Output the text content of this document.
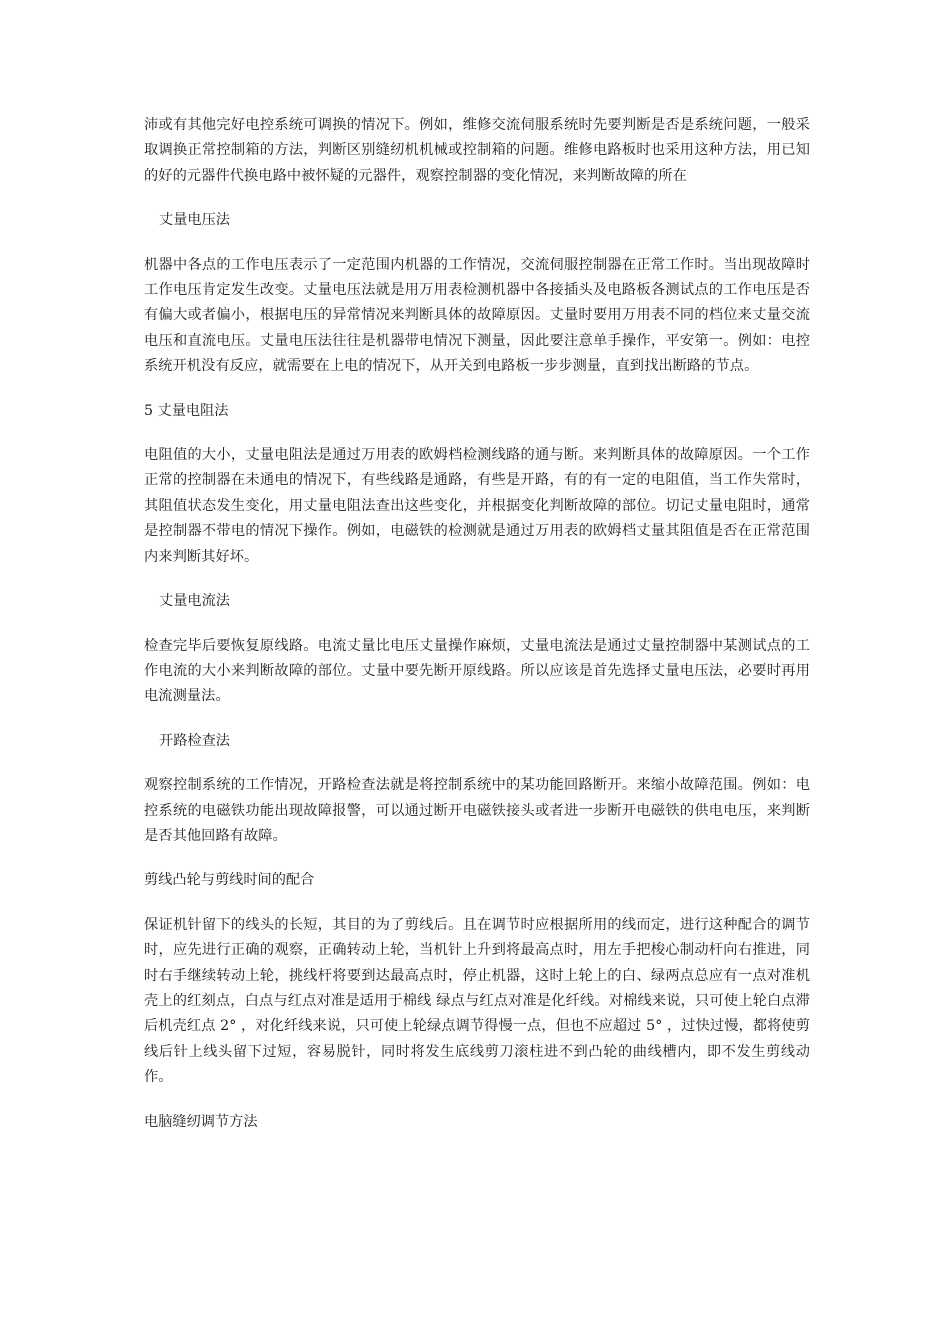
沛或有其他完好电控系统可调换的情况下。例如，维修交流伺服系统时先要判断是否是系统问题，一般采取调换正常控制箱的方法，判断区别缝纫机机械或控制箱的问题。维修电路板时也采用这种方法，用已知的好的元器件代换电路中被怀疑的元器件，观察控制器的变化情况，来判断故障的所在

丈量电压法

机器中各点的工作电压表示了一定范围内机器的工作情况，交流伺服控制器在正常工作时。当出现故障时工作电压肯定发生改变。丈量电压法就是用万用表检测机器中各接插头及电路板各测试点的工作电压是否有偏大或者偏小，根据电压的异常情况来判断具体的故障原因。丈量时要用万用表不同的档位来丈量交流电压和直流电压。丈量电压法往往是机器带电情况下测量，因此要注意单手操作，平安第一。例如：电控系统开机没有反应，就需要在上电的情况下，从开关到电路板一步步测量，直到找出断路的节点。

5 丈量电阻法

电阻值的大小，丈量电阻法是通过万用表的欧姆档检测线路的通与断。来判断具体的故障原因。一个工作正常的控制器在未通电的情况下，有些线路是通路，有些是开路，有的有一定的电阻值，当工作失常时，其阻值状态发生变化，用丈量电阻法查出这些变化，并根据变化判断故障的部位。切记丈量电阻时，通常是控制器不带电的情况下操作。例如，电磁铁的检测就是通过万用表的欧姆档丈量其阻值是否在正常范围内来判断其好坏。

丈量电流法

检查完毕后要恢复原线路。电流丈量比电压丈量操作麻烦，丈量电流法是通过丈量控制器中某测试点的工作电流的大小来判断故障的部位。丈量中要先断开原线路。所以应该是首先选择丈量电压法，必要时再用电流测量法。

开路检查法

观察控制系统的工作情况，开路检查法就是将控制系统中的某功能回路断开。来缩小故障范围。例如：电控系统的电磁铁功能出现故障报警，可以通过断开电磁铁接头或者进一步断开电磁铁的供电电压，来判断是否其他回路有故障。

剪线凸轮与剪线时间的配合

保证机针留下的线头的长短，其目的为了剪线后。且在调节时应根据所用的线而定，进行这种配合的调节时，应先进行正确的观察，正确转动上轮，当机针上升到将最高点时，用左手把梭心制动杆向右推进，同时右手继续转动上轮，挑线杆将要到达最高点时，停止机器，这时上轮上的白、绿两点总应有一点对准机壳上的红刻点，白点与红点对准是适用于棉线 绿点与红点对准是化纤线。对棉线来说，只可使上轮白点滞后机壳红点 2° ，对化纤线来说，只可使上轮绿点调节得慢一点，但也不应超过 5° ，过快过慢，都将使剪线后针上线头留下过短，容易脱针，同时将发生底线剪刀滚柱进不到凸轮的曲线槽内，即不发生剪线动作。

电脑缝纫调节方法
